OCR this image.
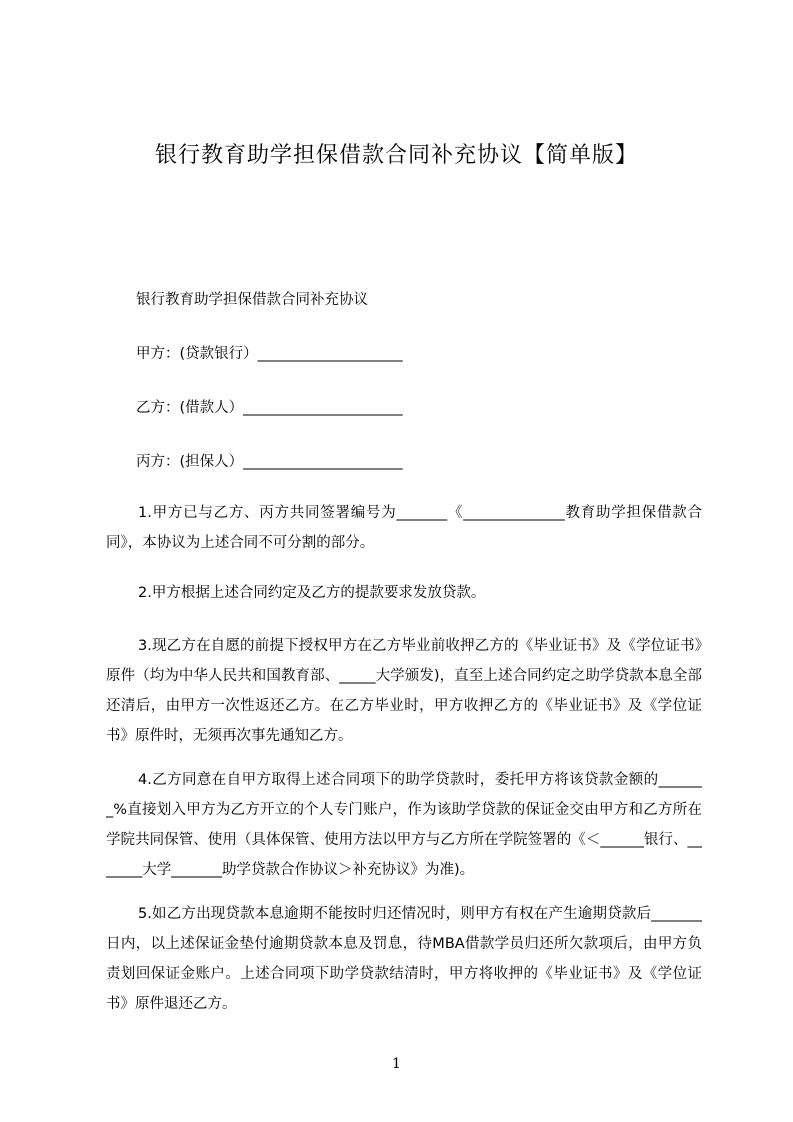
银行教育助学担保借款合同补充协议【简单版】
银行教育助学担保借款合同补充协议
甲方：(贷款银行）____________________
乙方：(借款人）______________________
丙方：(担保人）______________________
1.甲方已与乙方、丙方共同签署编号为_______《______________教育助学担保借款合同》，本协议为上述合同不可分割的部分。
2.甲方根据上述合同约定及乙方的提款要求发放贷款。
3.现乙方在自愿的前提下授权甲方在乙方毕业前收押乙方的《毕业证书》及《学位证书》原件（均为中华人民共和国教育部、_____大学颁发)，直至上述合同约定之助学贷款本息全部还清后，由甲方一次性返还乙方。在乙方毕业时，甲方收押乙方的《毕业证书》及《学位证书》原件时，无须再次事先通知乙方。
4.乙方同意在自甲方取得上述合同项下的助学贷款时，委托甲方将该贷款金额的_______%直接划入甲方为乙方开立的个人专门账户，作为该助学贷款的保证金交由甲方和乙方所在学院共同保管、使用（具体保管、使用方法以甲方与乙方所在学院签署的《＜______银行、_______大学_______助学贷款合作协议＞补充协议》为准)。
5.如乙方出现贷款本息逾期不能按时归还情况时，则甲方有权在产生逾期贷款后_______日内，以上述保证金垫付逾期贷款本息及罚息，待MBA借款学员归还所欠款项后，由甲方负责划回保证金账户。上述合同项下助学贷款结清时，甲方将收押的《毕业证书》及《学位证书》原件退还乙方。
1
